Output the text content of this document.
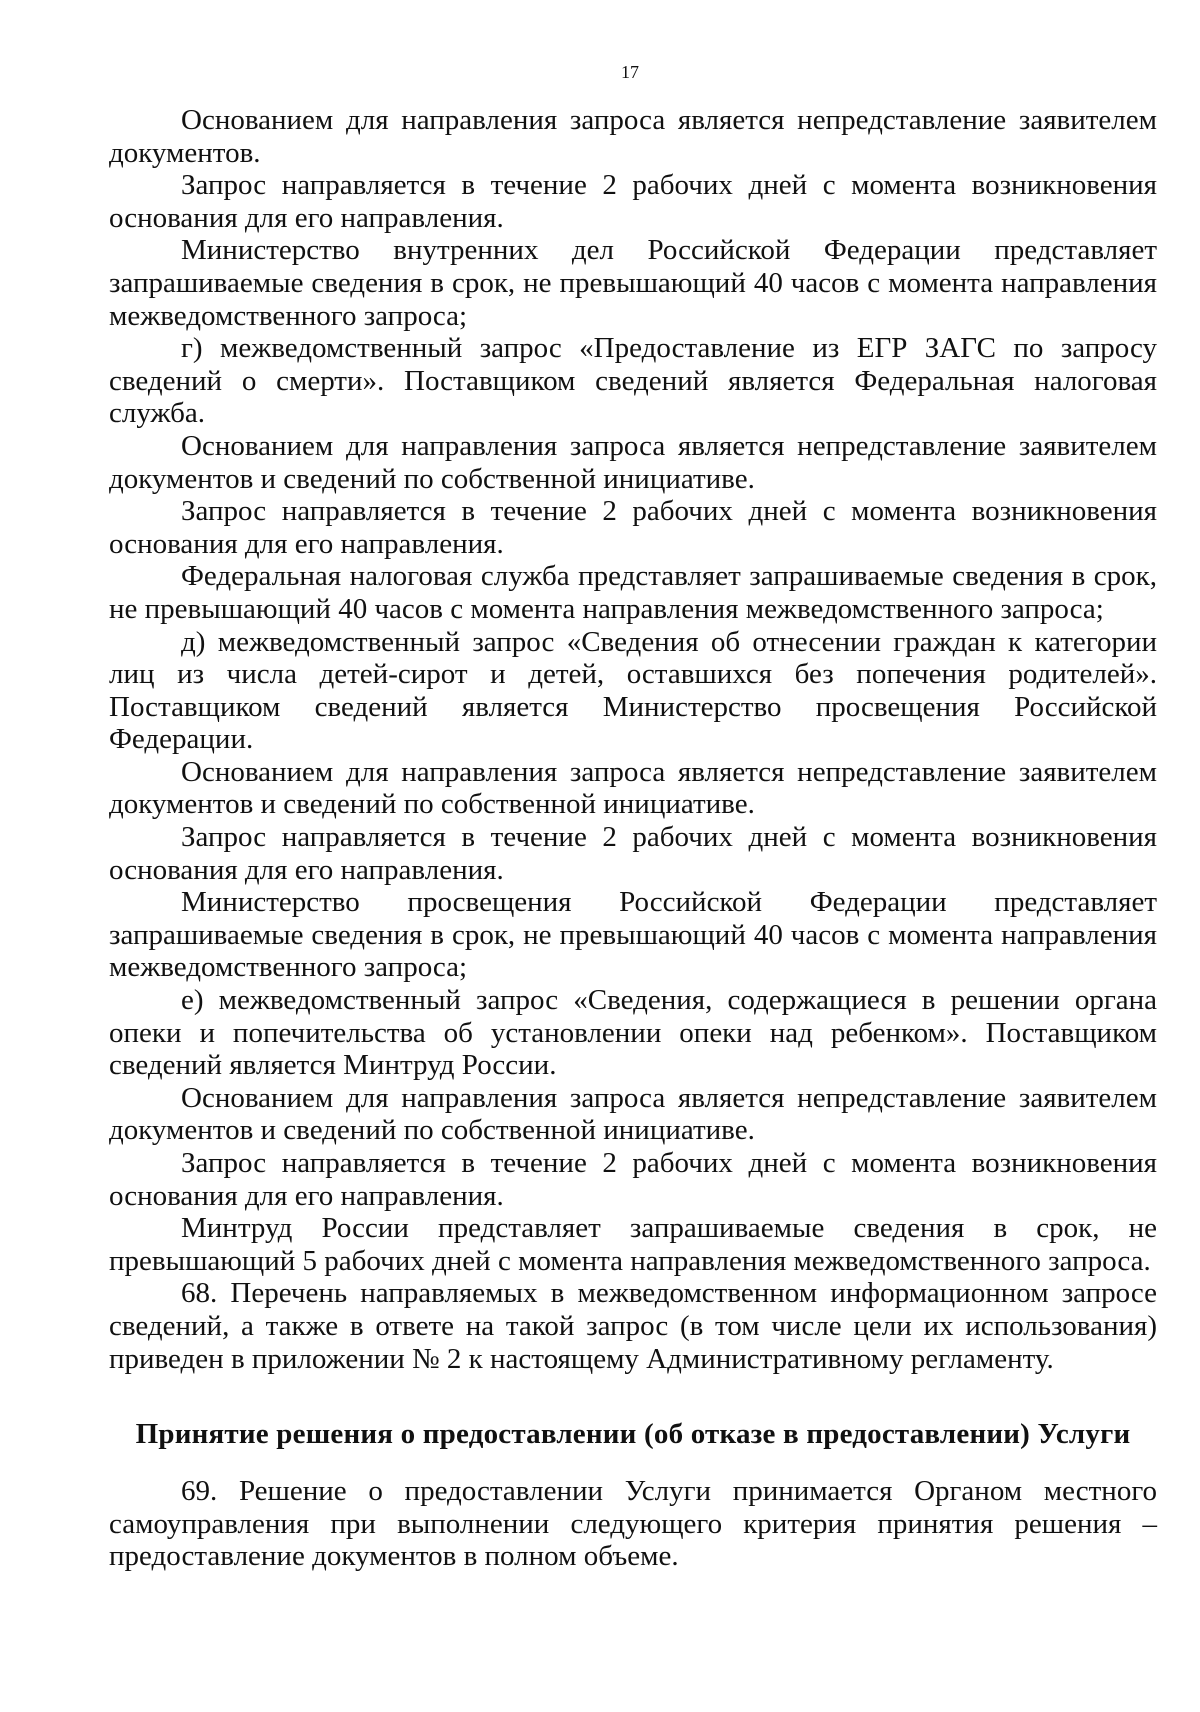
17

Основанием для направления запроса является непредставление заявителем документов.

Запрос направляется в течение 2 рабочих дней с момента возникновения основания для его направления.

Министерство внутренних дел Российской Федерации представляет запрашиваемые сведения в срок, не превышающий 40 часов с момента направления межведомственного запроса;

г) межведомственный запрос «Предоставление из ЕГР ЗАГС по запросу сведений о смерти». Поставщиком сведений является Федеральная налоговая служба.

Основанием для направления запроса является непредставление заявителем документов и сведений по собственной инициативе.

Запрос направляется в течение 2 рабочих дней с момента возникновения основания для его направления.

Федеральная налоговая служба представляет запрашиваемые сведения в срок, не превышающий 40 часов с момента направления межведомственного запроса;

д) межведомственный запрос «Сведения об отнесении граждан к категории лиц из числа детей-сирот и детей, оставшихся без попечения родителей». Поставщиком сведений является Министерство просвещения Российской Федерации.

Основанием для направления запроса является непредставление заявителем документов и сведений по собственной инициативе.

Запрос направляется в течение 2 рабочих дней с момента возникновения основания для его направления.

Министерство просвещения Российской Федерации представляет запрашиваемые сведения в срок, не превышающий 40 часов с момента направления межведомственного запроса;

е) межведомственный запрос «Сведения, содержащиеся в решении органа опеки и попечительства об установлении опеки над ребенком». Поставщиком сведений является Минтруд России.

Основанием для направления запроса является непредставление заявителем документов и сведений по собственной инициативе.

Запрос направляется в течение 2 рабочих дней с момента возникновения основания для его направления.

Минтруд России представляет запрашиваемые сведения в срок, не превышающий 5 рабочих дней с момента направления межведомственного запроса.

68. Перечень направляемых в межведомственном информационном запросе сведений, а также в ответе на такой запрос (в том числе цели их использования) приведен в приложении № 2 к настоящему Административному регламенту.

Принятие решения о предоставлении (об отказе в предоставлении) Услуги

69. Решение о предоставлении Услуги принимается Органом местного самоуправления при выполнении следующего критерия принятия решения – предоставление документов в полном объеме.
